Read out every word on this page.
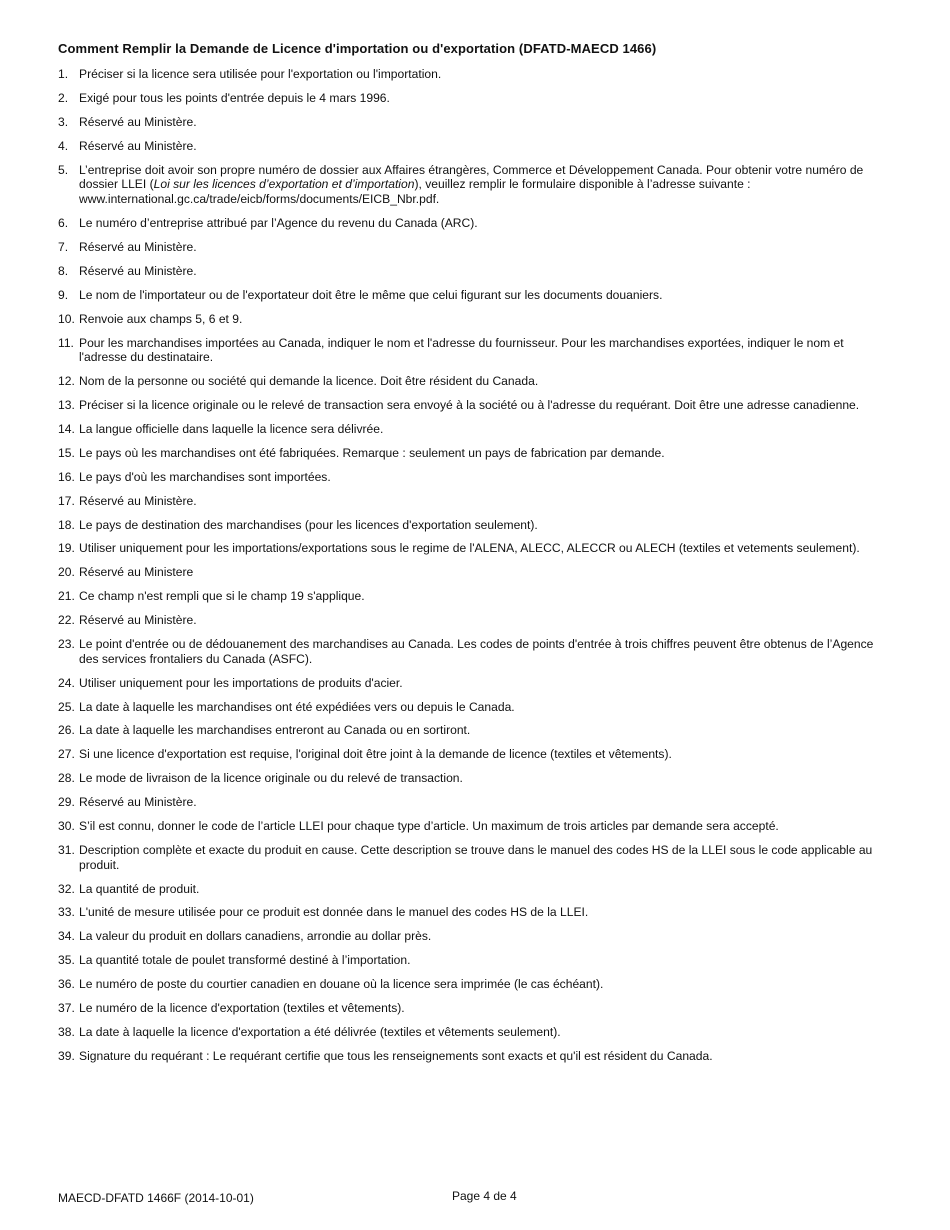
Comment Remplir la Demande de Licence d'importation ou d'exportation (DFATD-MAECD 1466)
1. Préciser si la licence sera utilisée pour l'exportation ou l'importation.
2. Exigé pour tous les points d'entrée depuis le 4 mars 1996.
3. Réservé au Ministère.
4. Réservé au Ministère.
5. L’entreprise doit avoir son propre numéro de dossier aux Affaires étrangères, Commerce et Développement Canada. Pour obtenir votre numéro de dossier LLEI (Loi sur les licences d’exportation et d’importation), veuillez remplir le formulaire disponible à l’adresse suivante : www.international.gc.ca/trade/eicb/forms/documents/EICB_Nbr.pdf.
6. Le numéro d’entreprise attribué par l’Agence du revenu du Canada (ARC).
7. Réservé au Ministère.
8. Réservé au Ministère.
9. Le nom de l'importateur ou de l'exportateur doit être le même que celui figurant sur les documents douaniers.
10. Renvoie aux champs 5, 6 et 9.
11. Pour les marchandises importées au Canada, indiquer le nom et l'adresse du fournisseur. Pour les marchandises exportées, indiquer le nom et l'adresse du destinataire.
12. Nom de la personne ou société qui demande la licence. Doit être résident du Canada.
13. Préciser si la licence originale ou le relevé de transaction sera envoyé à la société ou à l'adresse du requérant. Doit être une adresse canadienne.
14. La langue officielle dans laquelle la licence sera délivrée.
15. Le pays où les marchandises ont été fabriquées. Remarque : seulement un pays de fabrication par demande.
16. Le pays d'où les marchandises sont importées.
17. Réservé au Ministère.
18. Le pays de destination des marchandises (pour les licences d'exportation seulement).
19. Utiliser uniquement pour les importations/exportations sous le regime de l'ALENA, ALECC, ALECCR ou ALECH (textiles et vetements seulement).
20. Réservé au Ministere
21. Ce champ n'est rempli que si le champ 19 s'applique.
22. Réservé au Ministère.
23. Le point d'entrée ou de dédouanement des marchandises au Canada. Les codes de points d'entrée à trois chiffres peuvent être obtenus de l’Agence des services frontaliers du Canada (ASFC).
24. Utiliser uniquement pour les importations de produits d'acier.
25. La date à laquelle les marchandises ont été expédiées vers ou depuis le Canada.
26. La date à laquelle les marchandises entreront au Canada ou en sortiront.
27. Si une licence d'exportation est requise, l'original doit être joint à la demande de licence (textiles et vêtements).
28. Le mode de livraison de la licence originale ou du relevé de transaction.
29. Réservé au Ministère.
30. S’il est connu, donner le code de l’article LLEI pour chaque type d’article. Un maximum de trois articles par demande sera accepté.
31. Description complète et exacte du produit en cause. Cette description se trouve dans le manuel des codes HS de la LLEI sous le code applicable au produit.
32. La quantité de produit.
33. L'unité de mesure utilisée pour ce produit est donnée dans le manuel des codes HS de la LLEI.
34. La valeur du produit en dollars canadiens, arrondie au dollar près.
35. La quantité totale de poulet transformé destiné à l’importation.
36. Le numéro de poste du courtier canadien en douane où la licence sera imprimée (le cas échéant).
37. Le numéro de la licence d'exportation (textiles et vêtements).
38. La date à laquelle la licence d'exportation a été délivrée (textiles et vêtements seulement).
39. Signature du requérant : Le requérant certifie que tous les renseignements sont exacts et qu'il est résident du Canada.
MAECD-DFATD 1466F (2014-10-01)	Page 4 de 4
